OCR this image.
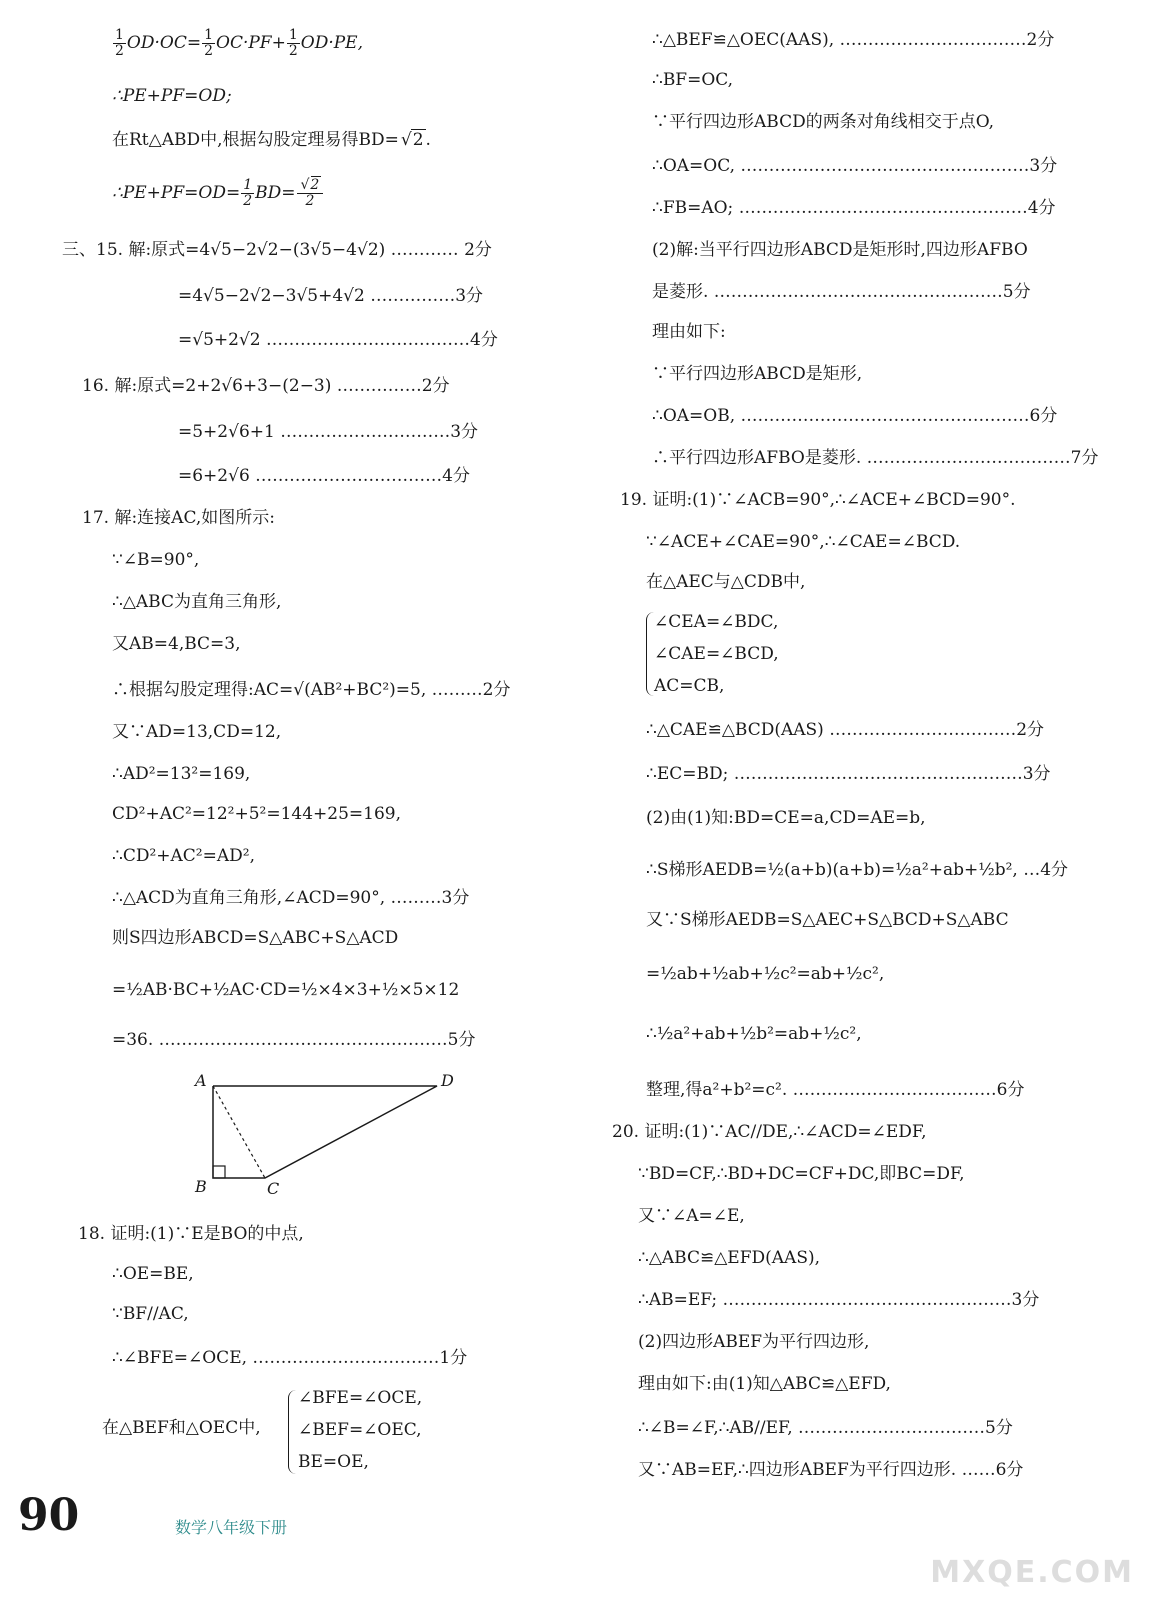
$\frac{1}{2} OD\cdot OC= \frac{1}{2} OC\cdot PF+ \frac{1}{2} OD\cdot PE$,
∴PE+PF=OD;
在Rt△ABD中,根据勾股定理易得BD= √ 2 .
∴PE+PF=OD= $\frac{1}{2} BD=$ √ $\frac{2}{2}$
三、15. 解:原式=4√5−2√2−(3√5−4√2) ………… 2分
=4√5−2√2−3√5+4√2 ……………3分
=√5+2√2 ………………………………4分
16. 解:原式=2+2√6+3−(2−3) ……………2分
=5+2√6+1 …………………………3分
=6+2√6 ……………………………4分
17. 解:连接AC,如图所示:
∵∠B=90°,
∴△ABC为直角三角形,
又AB=4,BC=3,
∴根据勾股定理得:AC=√(AB²+BC²)=5, ………2分
又∵AD=13,CD=12,
∴AD²=13²=169,
CD²+AC²=12²+5²=144+25=169,
∴CD²+AC²=AD²,
∴△ACD为直角三角形,∠ACD=90°, ………3分
则S四边形ABCD=S△ABC+S△ACD
=½AB·BC+½AC·CD=½×4×3+½×5×12
=36. ……………………………………………5分
A
B	C
D
18. 证明:(1)∵E是BO的中点,
∴OE=BE,
∵BF//AC,
∴∠BFE=∠OCE, ……………………………1分
在△BEF和△OEC中,
∠BFE=∠OCE,
∠BEF=∠OEC,
BE=OE,
∴△BEF≌△OEC(AAS), ……………………………2分
∴BF=OC,
∵平行四边形ABCD的两条对角线相交于点O,
∴OA=OC, ……………………………………………3分
∴FB=AO; ……………………………………………4分
(2)解:当平行四边形ABCD是矩形时,四边形AFBO
是菱形. ……………………………………………5分
理由如下:
∵平行四边形ABCD是矩形,
∴OA=OB, ……………………………………………6分
∴平行四边形AFBO是菱形. ………………………………7分
19. 证明:(1)∵∠ACB=90°,∴∠ACE+∠BCD=90°.
∵∠ACE+∠CAE=90°,∴∠CAE=∠BCD.
在△AEC与△CDB中,
∠CEA=∠BDC,
∠CAE=∠BCD,
AC=CB,
∴△CAE≌△BCD(AAS) ……………………………2分
∴EC=BD; ……………………………………………3分
(2)由(1)知:BD=CE=a,CD=AE=b,
∴S梯形AEDB=½(a+b)(a+b)=½a²+ab+½b², …4分
又∵S梯形AEDB=S△AEC+S△BCD+S△ABC
=½ab+½ab+½c²=ab+½c²,
∴½a²+ab+½b²=ab+½c²,
整理,得a²+b²=c². ………………………………6分
20. 证明:(1)∵AC//DE,∴∠ACD=∠EDF,
∵BD=CF,∴BD+DC=CF+DC,即BC=DF,
又∵∠A=∠E,
∴△ABC≌△EFD(AAS),
∴AB=EF; ……………………………………………3分
(2)四边形ABEF为平行四边形,
理由如下:由(1)知△ABC≌△EFD,
∴∠B=∠F,∴AB//EF, ……………………………5分
又∵AB=EF,∴四边形ABEF为平行四边形. ……6分
90	数学八年级下册
MXQE.COM
